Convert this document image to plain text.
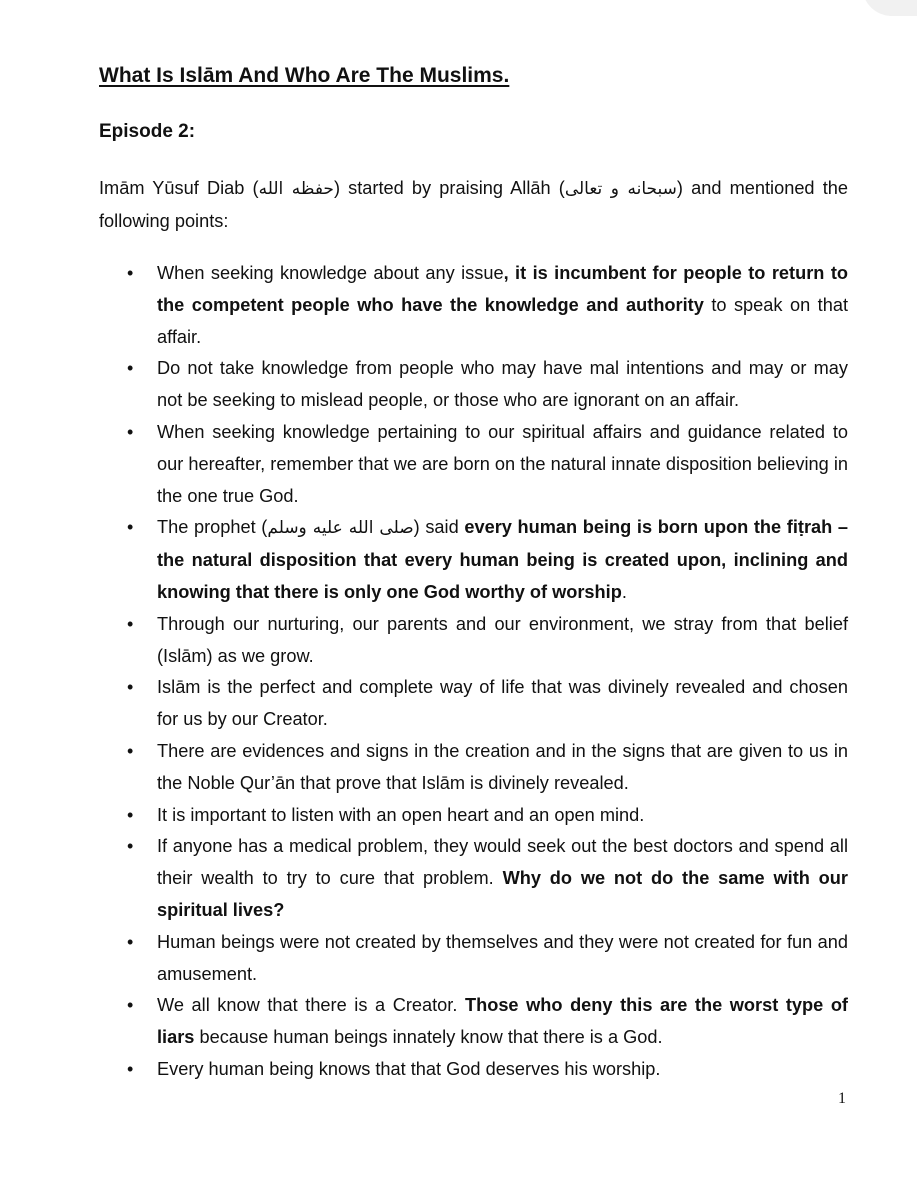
What Is Islām And Who Are The Muslims.
Episode 2:

Imām Yūsuf Diab (حفظه الله) started by praising Allāh (سبحانه و تعالى) and mentioned the following points:

• When seeking knowledge about any issue, it is incumbent for people to return to the competent people who have the knowledge and authority to speak on that affair.
• Do not take knowledge from people who may have mal intentions and may or may not be seeking to mislead people, or those who are ignorant on an affair.
• When seeking knowledge pertaining to our spiritual affairs and guidance related to our hereafter, remember that we are born on the natural innate disposition believing in the one true God.
• The prophet (صلى الله عليه وسلم) said every human being is born upon the fiṭrah – the natural disposition that every human being is created upon, inclining and knowing that there is only one God worthy of worship.
• Through our nurturing, our parents and our environment, we stray from that belief (Islām) as we grow.
• Islām is the perfect and complete way of life that was divinely revealed and chosen for us by our Creator.
• There are evidences and signs in the creation and in the signs that are given to us in the Noble Qur’ān that prove that Islām is divinely revealed.
• It is important to listen with an open heart and an open mind.
• If anyone has a medical problem, they would seek out the best doctors and spend all their wealth to try to cure that problem. Why do we not do the same with our spiritual lives?
• Human beings were not created by themselves and they were not created for fun and amusement.
• We all know that there is a Creator. Those who deny this are the worst type of liars because human beings innately know that there is a God.
• Every human being knows that that God deserves his worship.
1
